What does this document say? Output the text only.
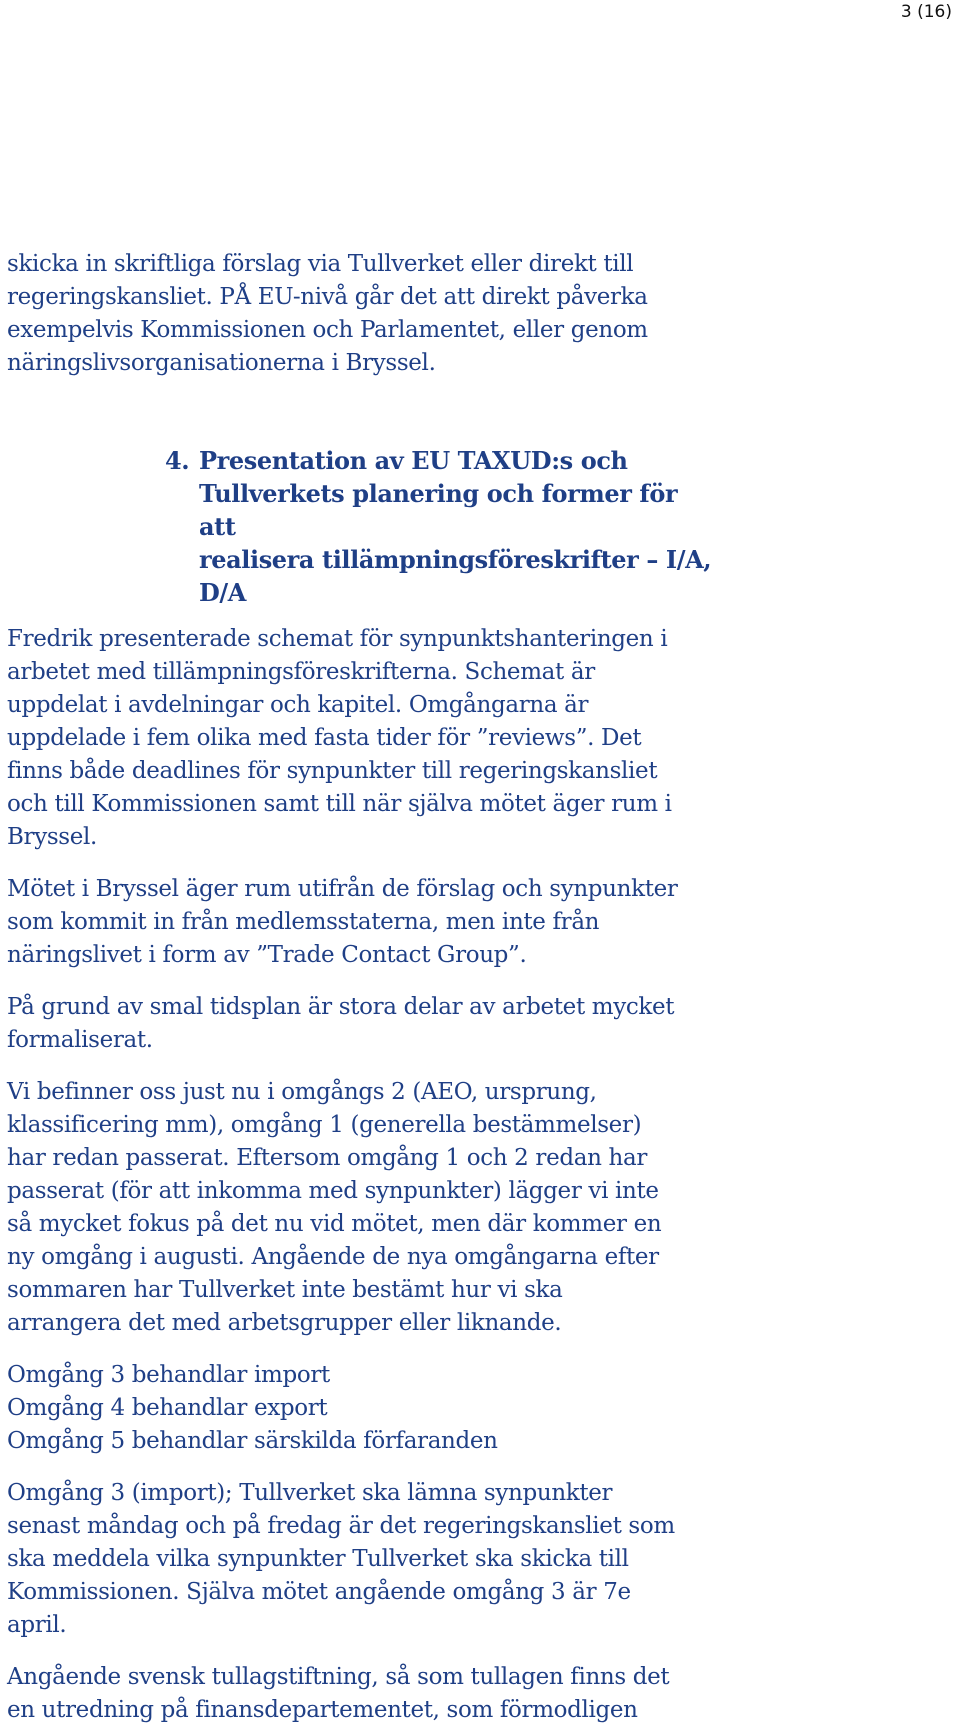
3 (16)

skicka in skriftliga förslag via Tullverket eller direkt till
regeringskansliet. PÅ EU-nivå går det att direkt påverka
exempelvis Kommissionen och Parlamentet, eller genom
näringslivsorganisationerna i Bryssel.

4. Presentation av EU TAXUD:s och
Tullverkets planering och former för att
realisera tillämpningsföreskrifter – I/A,
D/A

Fredrik presenterade schemat för synpunktshanteringen i
arbetet med tillämpningsföreskrifterna. Schemat är
uppdelat i avdelningar och kapitel. Omgångarna är
uppdelade i fem olika med fasta tider för ”reviews”. Det
finns både deadlines för synpunkter till regeringskansliet
och till Kommissionen samt till när själva mötet äger rum i
Bryssel.

Mötet i Bryssel äger rum utifrån de förslag och synpunkter
som kommit in från medlemsstaterna, men inte från
näringslivet i form av ”Trade Contact Group”.

På grund av smal tidsplan är stora delar av arbetet mycket
formaliserat.

Vi befinner oss just nu i omgångs 2 (AEO, ursprung,
klassificering mm), omgång 1 (generella bestämmelser)
har redan passerat. Eftersom omgång 1 och 2 redan har
passerat (för att inkomma med synpunkter) lägger vi inte
så mycket fokus på det nu vid mötet, men där kommer en
ny omgång i augusti. Angående de nya omgångarna efter
sommaren har Tullverket inte bestämt hur vi ska
arrangera det med arbetsgrupper eller liknande.

Omgång 3 behandlar import

Omgång 4 behandlar export

Omgång 5 behandlar särskilda förfaranden

Omgång 3 (import); Tullverket ska lämna synpunkter
senast måndag och på fredag är det regeringskansliet som
ska meddela vilka synpunkter Tullverket ska skicka till
Kommissionen. Själva mötet angående omgång 3 är 7e
april.

Angående svensk tullagstiftning, så som tullagen finns det
en utredning på finansdepartementet, som förmodligen
